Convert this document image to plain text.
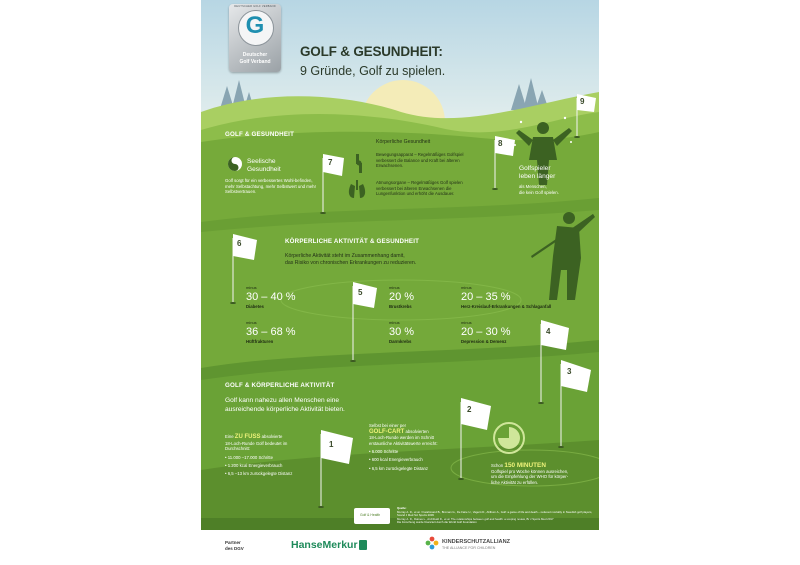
G
DEUTSCHER GOLF VERBAND
Deutscher
Golf Verband
GOLF & GESUNDHEIT:
9 Gründe, Golf zu spielen.
GOLF & GESUNDHEIT
Seelische
Gesundheit
Golf sorgt für ein verbessertes Wohl-befinden, mehr Selbstachtung, mehr Selbstwert und mehr Selbstvertrauen.
Körperliche Gesundheit
Bewegungsapparat – Regelmäßiges Golfspiel verbessert die Balance und Kraft bei älteren Erwachsenen.
Atmungsorgane – Regelmäßiges Golf spielen verbessert bei älteren Erwachsenen die Lungenfunktion und erhöht die Ausdauer.
Golfspieler
leben länger
als Menschen,
die kein Golf spielen.
KÖRPERLICHE AKTIVITÄT & GESUNDHEIT
Körperliche Aktivität steht im Zusammenhang damit,
das Risiko von chronischen Erkrankungen zu reduzieren.
minus
30 – 40 %
Diabetes
minus
20 %
Brustkrebs
minus
20 – 35 %
Herz-Kreislauf-Erkrankungen & Schlaganfall
minus
36 – 68 %
Hüftfrakturen
minus
30 %
Darmkrebs
minus
20 – 30 %
Depression & Demenz
GOLF & KÖRPERLICHE AKTIVITÄT
Golf kann nahezu allen Menschen eine
ausreichende körperliche Aktivität bieten.
Eine ZU FUSS absolvierte
18-Loch-Runde Golf bedeutet im
Durchschnitt:
• 11.000 –17.000 Schritte
• 1.200 kcal Energieverbrauch
• 6,5 –13 km zurückgelegte Distanz
Selbst bei einer per
GOLF-CART absolvierten
18-Loch-Runde werden im Schnitt
erstaunliche Aktivitätswerte erreicht:
• 6.000 Schritte
• 600 kcal Energieverbrauch
• 6,5 km zurückgelegte Distanz
Schon 150 MINUTEN
Golfspiel pro Woche können ausreichen,
um die Empfehlung der WHO für körper-
liche Aktivität zu erfüllen.
9
8
7
6
5
4
3
2
1
Golf & Health
Quelle:
Murray A. D., et al. / Farahmand B., Broman G., De Faire U., Vagerö D., Ahlbom A., Golf: a game of life and death – reduced mortality in Swedish golf players, Scand J Med Sci Sports 2009
Murray A. D., Daines L., Archibald D., et al. The relationships between golf and health: a scoping review, Br J Sports Med 2017
Die Forschung wurde finanziert durch die World Golf Foundation
Partner
des DGV	HanseMerkur	KINDERSCHUTZALLIANZ
THE ALLIANCE FOR CHILDREN
